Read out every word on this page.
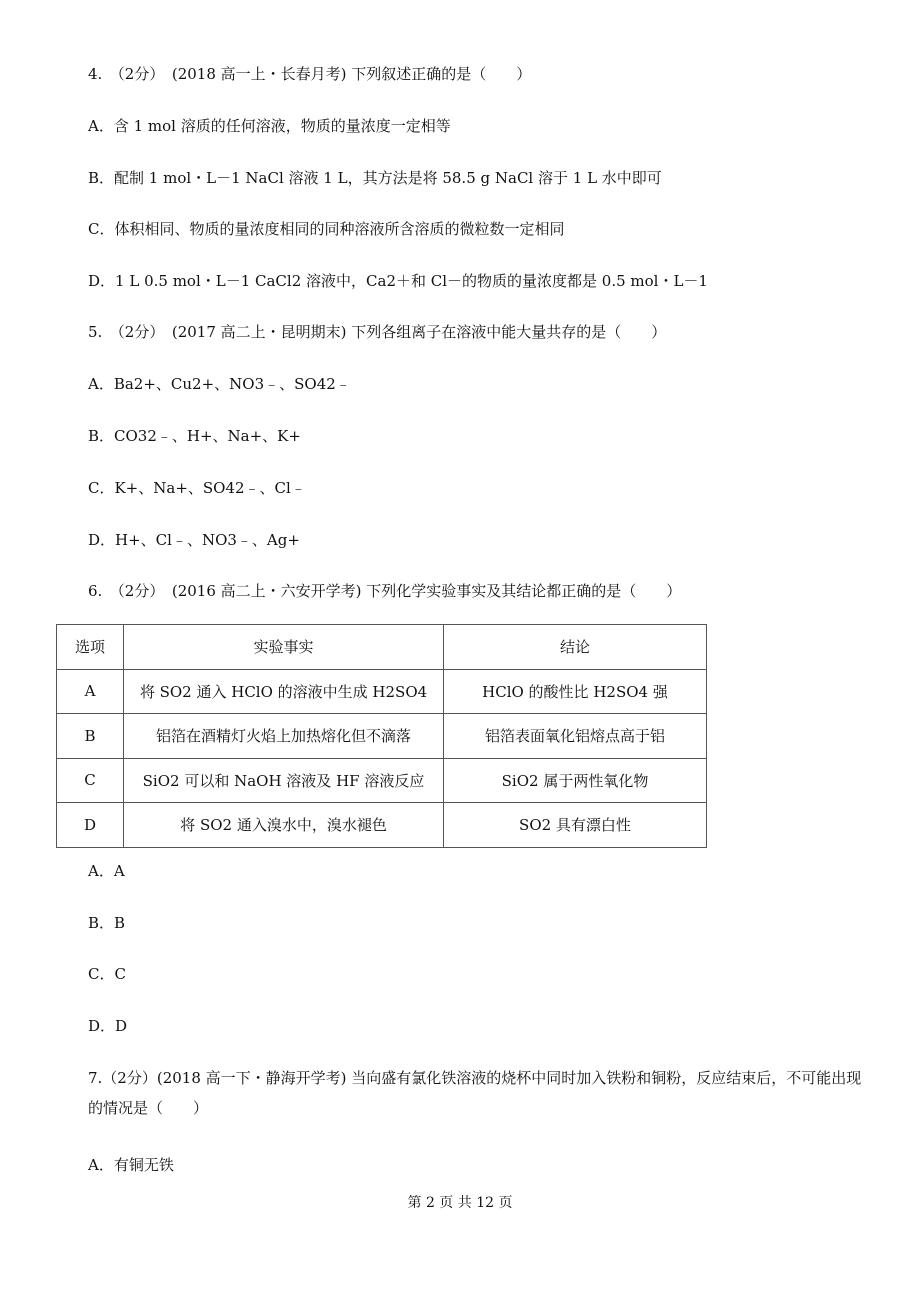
4.　（2分）　(2018 高一上・长春月考) 下列叙述正确的是（　　）
A．含 1 mol 溶质的任何溶液，物质的量浓度一定相等
B．配制 1 mol・L－1 NaCl 溶液 1 L，其方法是将 58.5 g NaCl 溶于 1 L 水中即可
C．体积相同、物质的量浓度相同的同种溶液所含溶质的微粒数一定相同
D．1 L 0.5 mol・L－1 CaCl2 溶液中，Ca2＋和 Cl－的物质的量浓度都是 0.5 mol・L－1
5.　（2分）　(2017 高二上・昆明期末) 下列各组离子在溶液中能大量共存的是（　　）
A．Ba2+、Cu2+、NO3﹣、SO42﹣
B．CO32﹣、H+、Na+、K+
C．K+、Na+、SO42﹣、Cl﹣
D．H+、Cl﹣、NO3﹣、Ag+
6.　（2分）　(2016 高二上・六安开学考) 下列化学实验事实及其结论都正确的是（　　）
选项	实验事实	结论
A	将 SO2 通入 HClO 的溶液中生成 H2SO4	HClO 的酸性比 H2SO4 强
B	铝箔在酒精灯火焰上加热熔化但不滴落	铝箔表面氧化铝熔点高于铝
C	SiO2 可以和 NaOH 溶液及 HF 溶液反应	SiO2 属于两性氧化物
D	将 SO2 通入溴水中，溴水褪色	SO2 具有漂白性
A．A
B．B
C．C
D．D
7.（2分）(2018 高一下・静海开学考) 当向盛有氯化铁溶液的烧杯中同时加入铁粉和铜粉，反应结束后，不可能出现的情况是（　　）
A．有铜无铁
第 2 页 共 12 页
